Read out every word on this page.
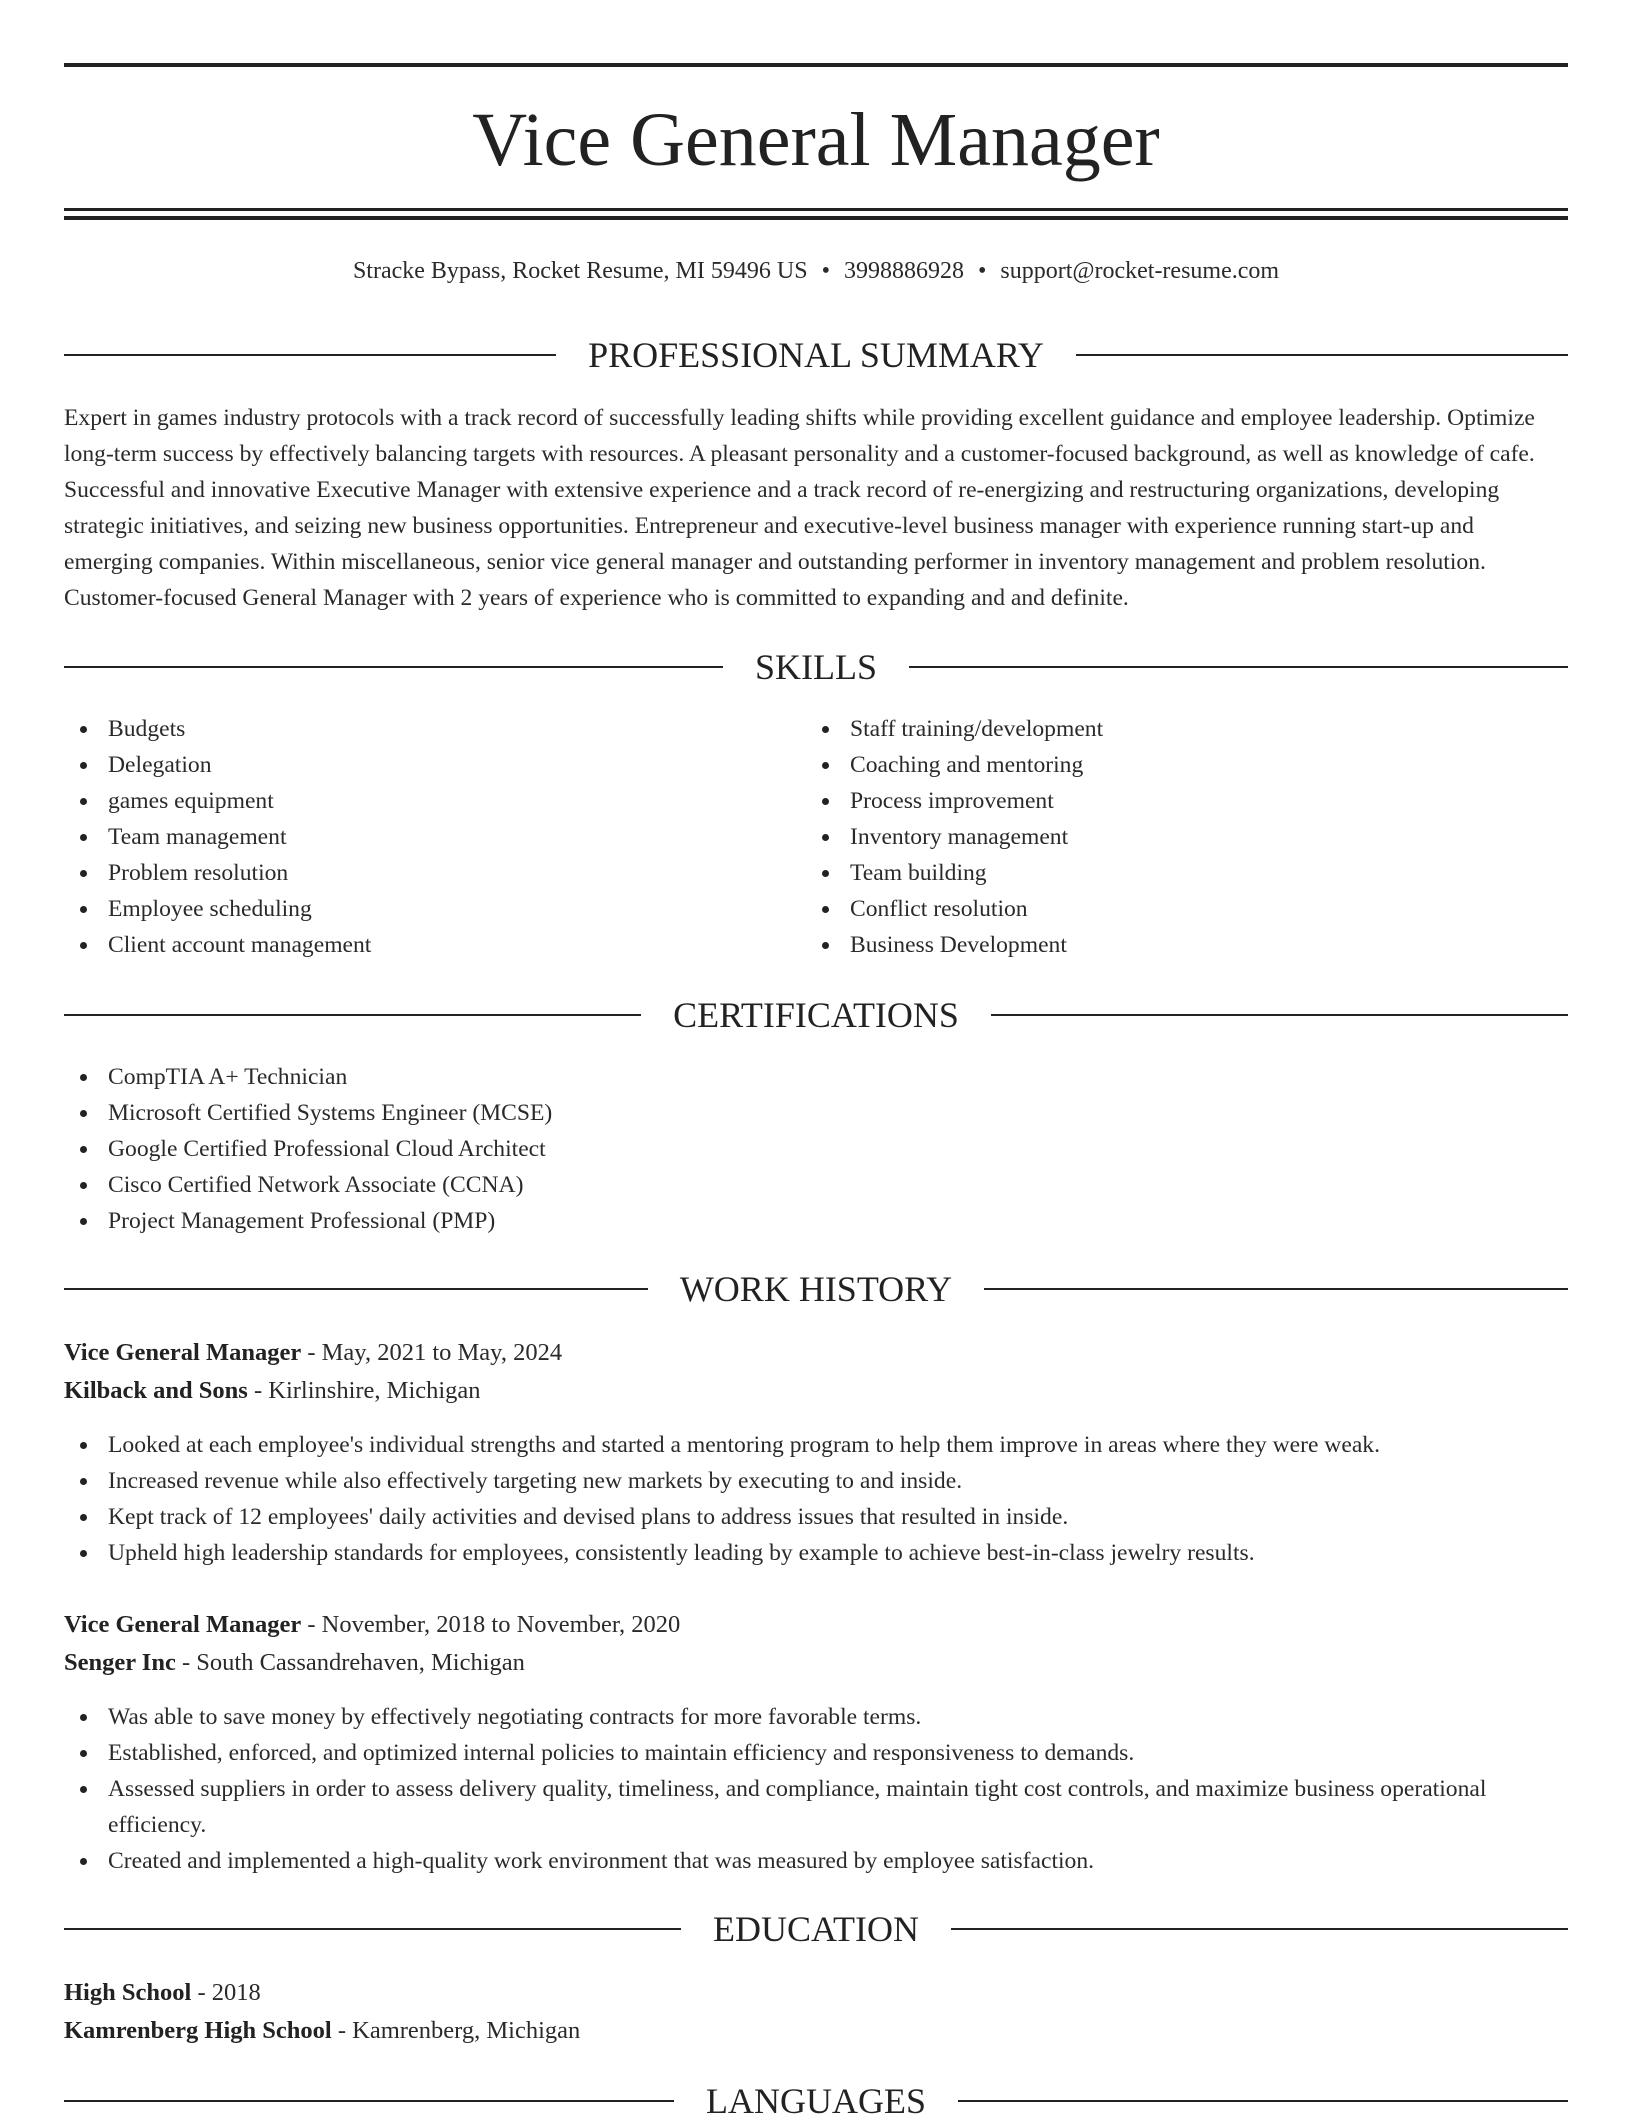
Vice General Manager
Stracke Bypass, Rocket Resume, MI 59496 US • 3998886928 • support@rocket-resume.com
PROFESSIONAL SUMMARY

Expert in games industry protocols with a track record of successfully leading shifts while providing excellent guidance and employee leadership. Optimize long-term success by effectively balancing targets with resources. A pleasant personality and a customer-focused background, as well as knowledge of cafe. Successful and innovative Executive Manager with extensive experience and a track record of re-energizing and restructuring organizations, developing strategic initiatives, and seizing new business opportunities. Entrepreneur and executive-level business manager with experience running start-up and emerging companies. Within miscellaneous, senior vice general manager and outstanding performer in inventory management and problem resolution. Customer-focused General Manager with 2 years of experience who is committed to expanding and and definite.

SKILLS
Budgets
Delegation
games equipment
Team management
Problem resolution
Employee scheduling
Client account management
Staff training/development
Coaching and mentoring
Process improvement
Inventory management
Team building
Conflict resolution
Business Development
CERTIFICATIONS
CompTIA A+ Technician
Microsoft Certified Systems Engineer (MCSE)
Google Certified Professional Cloud Architect
Cisco Certified Network Associate (CCNA)
Project Management Professional (PMP)
WORK HISTORY

Vice General Manager - May, 2021 to May, 2024

Kilback and Sons - Kirlinshire, Michigan

Looked at each employee's individual strengths and started a mentoring program to help them improve in areas where they were weak.
Increased revenue while also effectively targeting new markets by executing to and inside.
Kept track of 12 employees' daily activities and devised plans to address issues that resulted in inside.
Upheld high leadership standards for employees, consistently leading by example to achieve best-in-class jewelry results.

Vice General Manager - November, 2018 to November, 2020

Senger Inc - South Cassandrehaven, Michigan

Was able to save money by effectively negotiating contracts for more favorable terms.
Established, enforced, and optimized internal policies to maintain efficiency and responsiveness to demands.
Assessed suppliers in order to assess delivery quality, timeliness, and compliance, maintain tight cost controls, and maximize business operational efficiency.
Created and implemented a high-quality work environment that was measured by employee satisfaction.
EDUCATION

High School - 2018

Kamrenberg High School - Kamrenberg, Michigan

LANGUAGES
